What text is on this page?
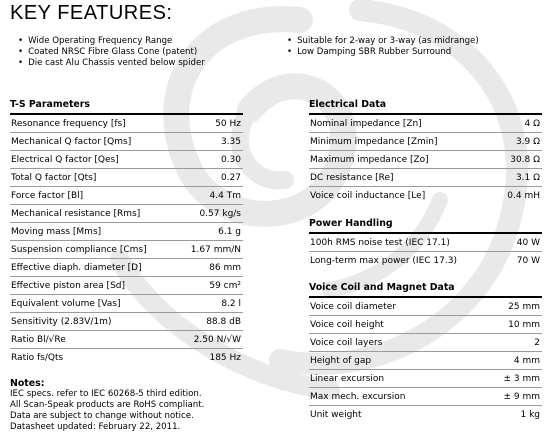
KEY FEATURES:
• Wide Operating Frequency Range
• Coated NRSC Fibre Glass Cone (patent)
• Die cast Alu Chassis vented below spider
• Suitable for 2-way or 3-way (as midrange)
• Low Damping SBR Rubber Surround
T-S Parameters
Resonance frequency [fs]	50 Hz
Mechanical Q factor [Qms]	3.35
Electrical Q factor [Qes]	0.30
Total Q factor [Qts]	0.27
Force factor [Bl]	4.4 Tm
Mechanical resistance [Rms]	0.57 kg/s
Moving mass [Mms]	6.1 g
Suspension compliance [Cms]	1.67 mm/N
Effective diaph. diameter [D]	86 mm
Effective piston area [Sd]	59 cm²
Equivalent volume [Vas]	8.2 l
Sensitivity (2.83V/1m)	88.8 dB
Ratio Bl/√Re	2.50 N/√W
Ratio fs/Qts	185 Hz
Electrical Data
Nominal impedance [Zn]	4 Ω
Minimum impedance [Zmin]	3.9 Ω
Maximum impedance [Zo]	30.8 Ω
DC resistance [Re]	3.1 Ω
Voice coil inductance [Le]	0.4 mH
Power Handling
100h RMS noise test (IEC 17.1)	40 W
Long-term max power (IEC 17.3)	70 W
Voice Coil and Magnet Data
Voice coil diameter	25 mm
Voice coil height	10 mm
Voice coil layers	2
Height of gap	4 mm
Linear excursion	± 3 mm
Max mech. excursion	± 9 mm
Unit weight	1 kg
Notes:
IEC specs. refer to IEC 60268-5 third edition.
All Scan-Speak products are RoHS compliant.
Data are subject to change without notice.
Datasheet updated: February 22, 2011.
